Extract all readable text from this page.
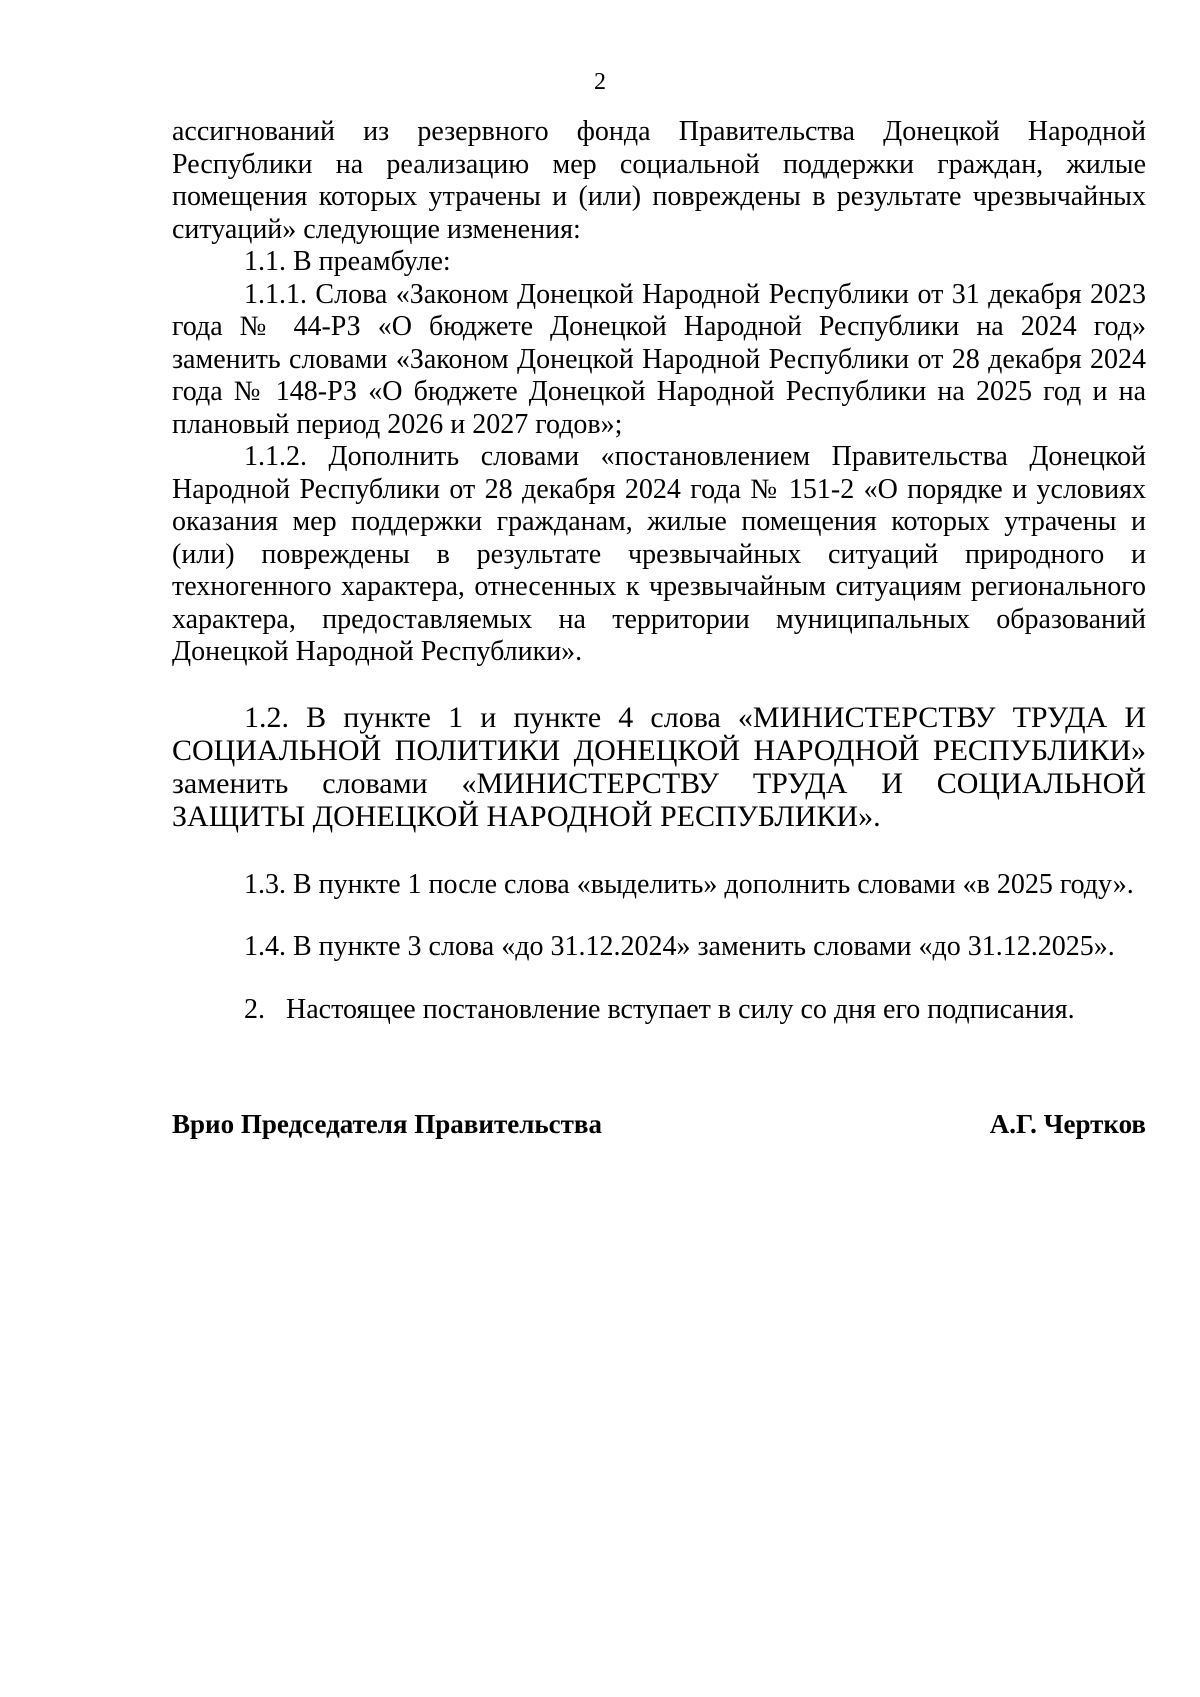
2

ассигнований из резервного фонда Правительства Донецкой Народной Республики на реализацию мер социальной поддержки граждан, жилые помещения которых утрачены и (или) повреждены в результате чрезвычайных ситуаций» следующие изменения:

1.1. В преамбуле:

1.1.1. Слова «Законом Донецкой Народной Республики от 31 декабря 2023 года № 44-РЗ «О бюджете Донецкой Народной Республики на 2024 год» заменить словами «Законом Донецкой Народной Республики от 28 декабря 2024 года № 148-РЗ «О бюджете Донецкой Народной Республики на 2025 год и на плановый период 2026 и 2027 годов»;

1.1.2. Дополнить словами «постановлением Правительства Донецкой Народной Республики от 28 декабря 2024 года № 151-2 «О порядке и условиях оказания мер поддержки гражданам, жилые помещения которых утрачены и (или) повреждены в результате чрезвычайных ситуаций природного и техногенного характера, отнесенных к чрезвычайным ситуациям регионального характера, предоставляемых на территории муниципальных образований Донецкой Народной Республики».

1.2. В пункте 1 и пункте 4 слова «МИНИСТЕРСТВУ ТРУДА И СОЦИАЛЬНОЙ ПОЛИТИКИ ДОНЕЦКОЙ НАРОДНОЙ РЕСПУБЛИКИ» заменить словами «МИНИСТЕРСТВУ ТРУДА И СОЦИАЛЬНОЙ ЗАЩИТЫ ДОНЕЦКОЙ НАРОДНОЙ РЕСПУБЛИКИ».

1.3. В пункте 1 после слова «выделить» дополнить словами «в 2025 году».

1.4. В пункте 3 слова «до 31.12.2024» заменить словами «до 31.12.2025».

2.   Настоящее постановление вступает в силу со дня его подписания.

Врио Председателя Правительства	А.Г. Чертков
